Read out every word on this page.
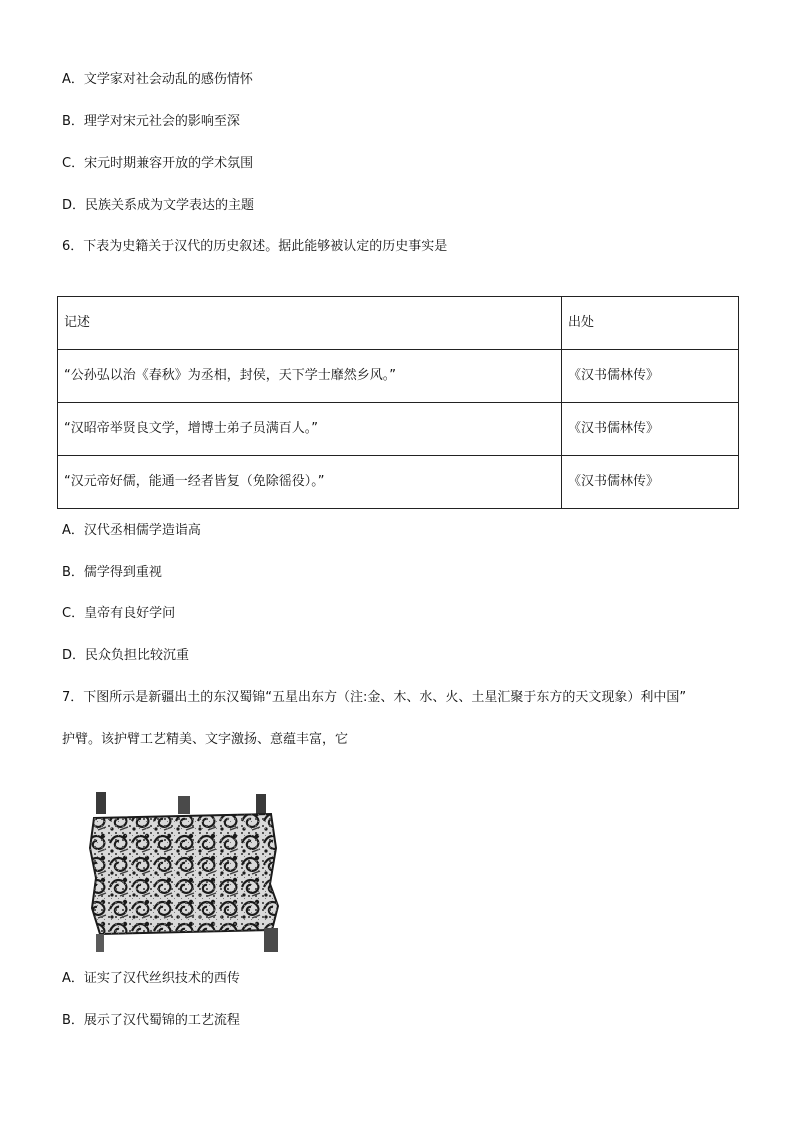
A．文学家对社会动乱的感伤情怀
B．理学对宋元社会的影响至深
C．宋元时期兼容开放的学术氛围
D．民族关系成为文学表达的主题
6．下表为史籍关于汉代的历史叙述。据此能够被认定的历史事实是
记述	出处
“公孙弘以治《春秋》为丞相，封侯，天下学士靡然乡风。”	《汉书儒林传》
“汉昭帝举贤良文学，增博士弟子员满百人。”	《汉书儒林传》
“汉元帝好儒，能通一经者皆复（免除徭役）。”	《汉书儒林传》
A．汉代丞相儒学造诣高
B．儒学得到重视
C．皇帝有良好学问
D．民众负担比较沉重
7．下图所示是新疆出土的东汉蜀锦“五星出东方（注:金、木、水、火、土星汇聚于东方的天文现象）利中国”
护臂。该护臂工艺精美、文字激扬、意蕴丰富，它
A．证实了汉代丝织技术的西传
B．展示了汉代蜀锦的工艺流程
